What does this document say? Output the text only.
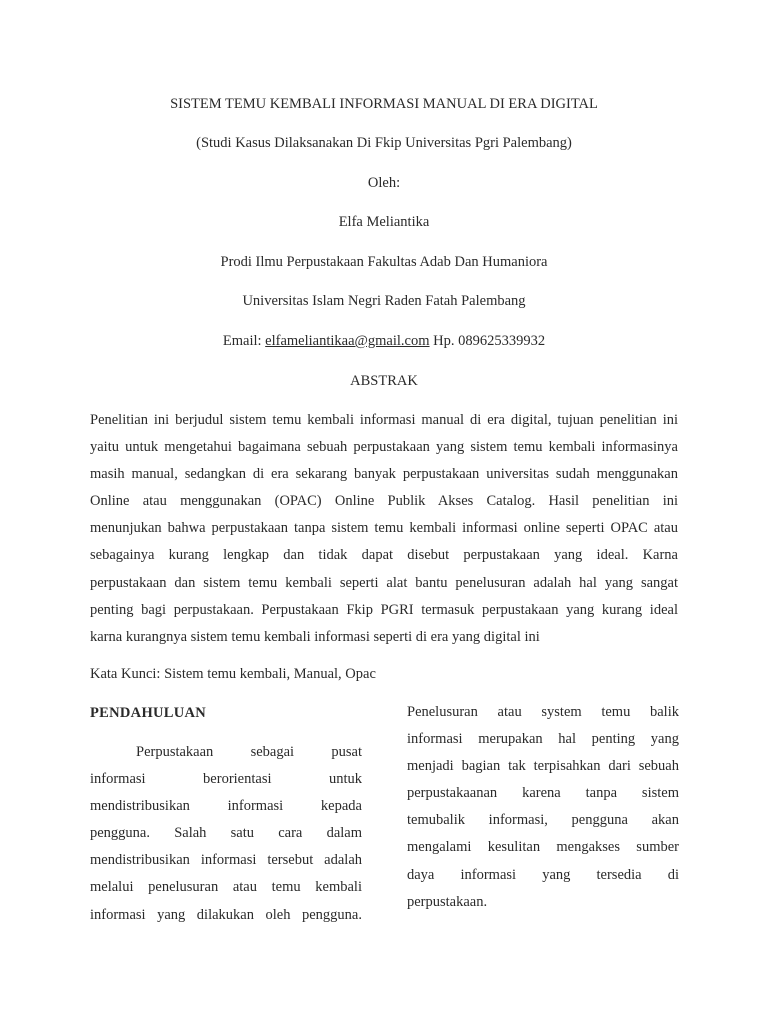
SISTEM TEMU KEMBALI INFORMASI MANUAL DI ERA DIGITAL
(Studi Kasus Dilaksanakan Di Fkip Universitas Pgri Palembang)
Oleh:
Elfa Meliantika
Prodi Ilmu Perpustakaan Fakultas Adab Dan Humaniora
Universitas Islam Negri Raden Fatah Palembang
Email: elfameliantikaa@gmail.com Hp. 089625339932
ABSTRAK
Penelitian ini berjudul sistem temu kembali informasi manual di era digital, tujuan penelitian ini
yaitu untuk mengetahui bagaimana sebuah perpustakaan yang sistem temu kembali informasinya
masih manual, sedangkan di era sekarang banyak perpustakaan universitas sudah menggunakan
Online atau menggunakan (OPAC) Online Publik Akses Catalog. Hasil penelitian ini
menunjukan bahwa perpustakaan tanpa sistem temu kembali informasi online seperti OPAC atau
sebagainya kurang lengkap dan tidak dapat disebut perpustakaan yang ideal. Karna
perpustakaan dan sistem temu kembali seperti alat bantu penelusuran adalah hal yang sangat
penting bagi perpustakaan. Perpustakaan Fkip PGRI termasuk perpustakaan yang kurang ideal
karna kurangnya sistem temu kembali informasi seperti di era yang digital ini
Kata Kunci: Sistem temu kembali, Manual, Opac
PENDAHULUAN
Perpustakaan sebagai pusat
informasi berorientasi untuk
mendistribusikan informasi kepada
pengguna. Salah satu cara dalam
mendistribusikan informasi tersebut adalah
melalui penelusuran atau temu kembali
informasi yang dilakukan oleh pengguna.
Penelusuran atau system temu balik
informasi merupakan hal penting yang
menjadi bagian tak terpisahkan dari sebuah
perpustakaanan karena tanpa sistem
temubalik informasi, pengguna akan
mengalami kesulitan mengakses sumber
daya informasi yang tersedia di
perpustakaan.
